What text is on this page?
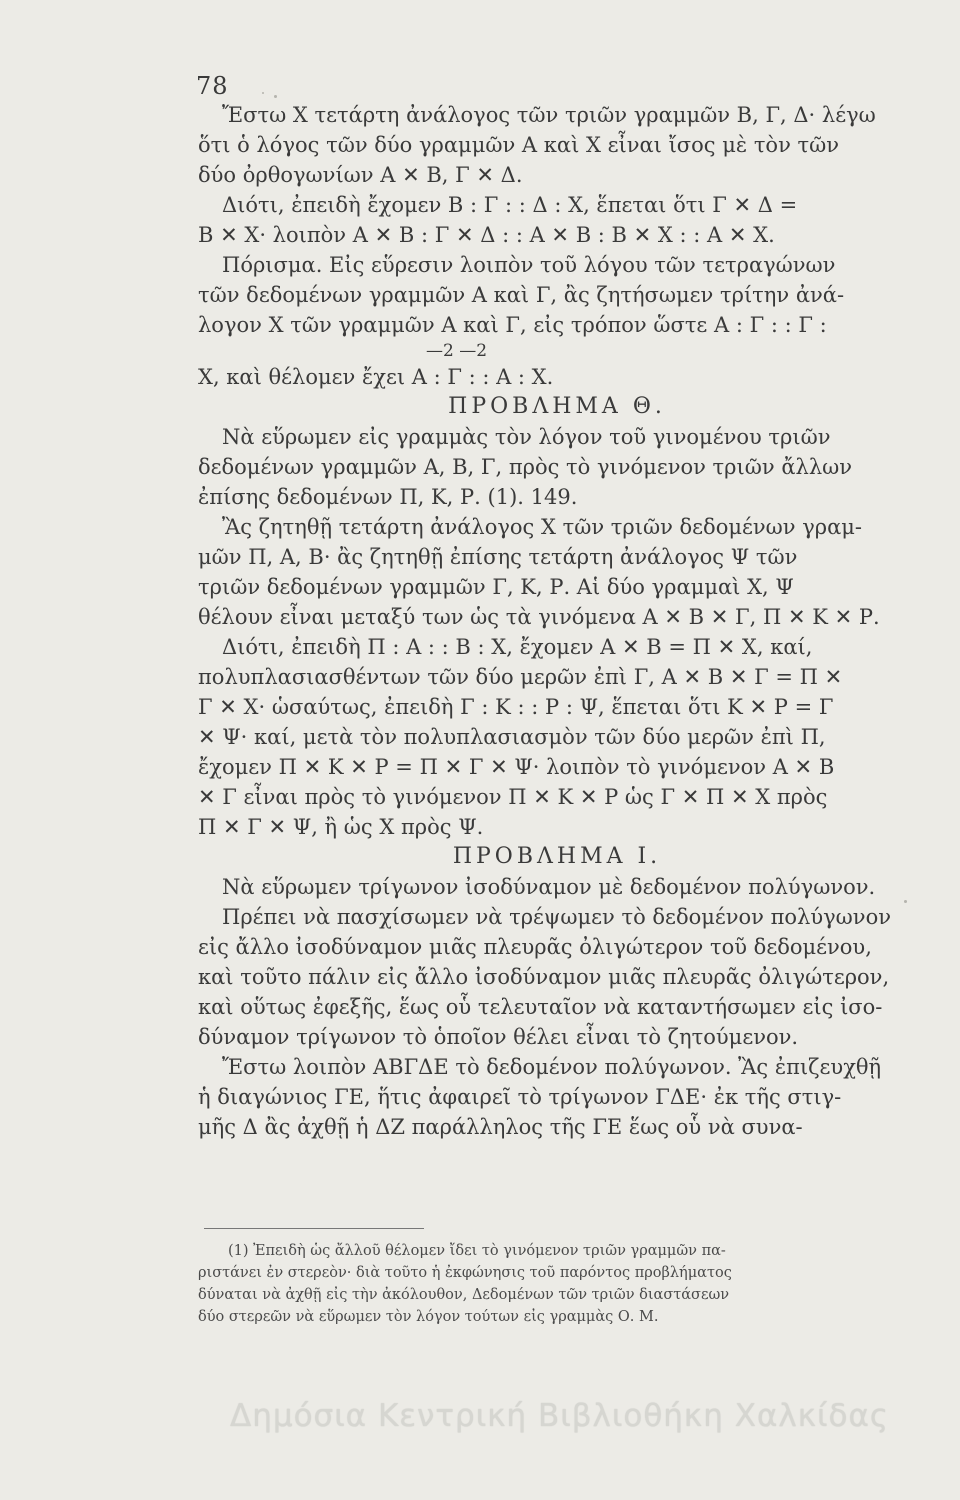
78
Ἔστω Χ τετάρτη ἀνάλογος τῶν τριῶν γραμμῶν Β, Γ, Δ· λέγω
ὅτι ὁ λόγος τῶν δύο γραμμῶν Α καὶ Χ εἶναι ἴσος μὲ τὸν τῶν
δύο ὀρθογωνίων Α ✕ Β, Γ ✕ Δ.
Διότι, ἐπειδὴ ἔχομεν Β : Γ : : Δ : Χ, ἕπεται ὅτι Γ ✕ Δ =
Β ✕ Χ· λοιπὸν Α ✕ Β : Γ ✕ Δ : : Α ✕ Β : Β ✕ Χ : : Α ✕ Χ.
Πόρισμα. Εἰς εὕρεσιν λοιπὸν τοῦ λόγου τῶν τετραγώνων
τῶν δεδομένων γραμμῶν Α καὶ Γ, ἂς ζητήσωμεν τρίτην ἀνά-
λογον Χ τῶν γραμμῶν Α καὶ Γ, εἰς τρόπον ὥστε Α : Γ : : Γ :
—2 —2
Χ, καὶ θέλομεν ἔχει Α : Γ : : Α : Χ.
ΠΡΟΒΛΗΜΑ Θ.
Νὰ εὕρωμεν εἰς γραμμὰς τὸν λόγον τοῦ γινομένου τριῶν
δεδομένων γραμμῶν Α, Β, Γ, πρὸς τὸ γινόμενον τριῶν ἄλλων
ἐπίσης δεδομένων Π, Κ, Ρ. (1). 149.
Ἂς ζητηθῇ τετάρτη ἀνάλογος Χ τῶν τριῶν δεδομένων γραμ-
μῶν Π, Α, Β· ἂς ζητηθῇ ἐπίσης τετάρτη ἀνάλογος Ψ τῶν
τριῶν δεδομένων γραμμῶν Γ, Κ, Ρ. Αἱ δύο γραμμαὶ Χ, Ψ
θέλουν εἶναι μεταξύ των ὡς τὰ γινόμενα Α ✕ Β ✕ Γ, Π ✕ Κ ✕ Ρ.
Διότι, ἐπειδὴ Π : Α : : Β : Χ, ἔχομεν Α ✕ Β = Π ✕ Χ, καί,
πολυπλασιασθέντων τῶν δύο μερῶν ἐπὶ Γ, Α ✕ Β ✕ Γ = Π ✕
Γ ✕ Χ· ὡσαύτως, ἐπειδὴ Γ : Κ : : Ρ : Ψ, ἕπεται ὅτι Κ ✕ Ρ = Γ
✕ Ψ· καί, μετὰ τὸν πολυπλασιασμὸν τῶν δύο μερῶν ἐπὶ Π,
ἔχομεν Π ✕ Κ ✕ Ρ = Π ✕ Γ ✕ Ψ· λοιπὸν τὸ γινόμενον Α ✕ Β
✕ Γ εἶναι πρὸς τὸ γινόμενον Π ✕ Κ ✕ Ρ ὡς Γ ✕ Π ✕ Χ πρὸς
Π ✕ Γ ✕ Ψ, ἢ ὡς Χ πρὸς Ψ.
ΠΡΟΒΛΗΜΑ Ι.
Νὰ εὕρωμεν τρίγωνον ἰσοδύναμον μὲ δεδομένον πολύγωνον.
Πρέπει νὰ πασχίσωμεν νὰ τρέψωμεν τὸ δεδομένον πολύγωνον
εἰς ἄλλο ἰσοδύναμον μιᾶς πλευρᾶς ὀλιγώτερον τοῦ δεδομένου,
καὶ τοῦτο πάλιν εἰς ἄλλο ἰσοδύναμον μιᾶς πλευρᾶς ὀλιγώτερον,
καὶ οὕτως ἐφεξῆς, ἕως οὗ τελευταῖον νὰ καταντήσωμεν εἰς ἰσο-
δύναμον τρίγωνον τὸ ὁποῖον θέλει εἶναι τὸ ζητούμενον.
Ἔστω λοιπὸν ΑΒΓΔΕ τὸ δεδομένον πολύγωνον. Ἂς ἐπιζευχθῇ
ἡ διαγώνιος ΓΕ, ἥτις ἀφαιρεῖ τὸ τρίγωνον ΓΔΕ· ἐκ τῆς στιγ-
μῆς Δ ἂς ἀχθῇ ἡ ΔΖ παράλληλος τῆς ΓΕ ἕως οὗ νὰ συνα-
(1) Ἐπειδὴ ὡς ἄλλοῦ θέλομεν ἴδει τὸ γινόμενον τριῶν γραμμῶν πα-
ριστάνει ἐν στερεὸν· διὰ τοῦτο ἡ ἐκφώνησις τοῦ παρόντος προβλήματος
δύναται νὰ ἀχθῇ εἰς τὴν ἀκόλουθον, Δεδομένων τῶν τριῶν διαστάσεων
δύο στερεῶν νὰ εὕρωμεν τὸν λόγον τούτων εἰς γραμμὰς Ο. Μ.
Δημόσια Κεντρική Βιβλιοθήκη Χαλκίδας
